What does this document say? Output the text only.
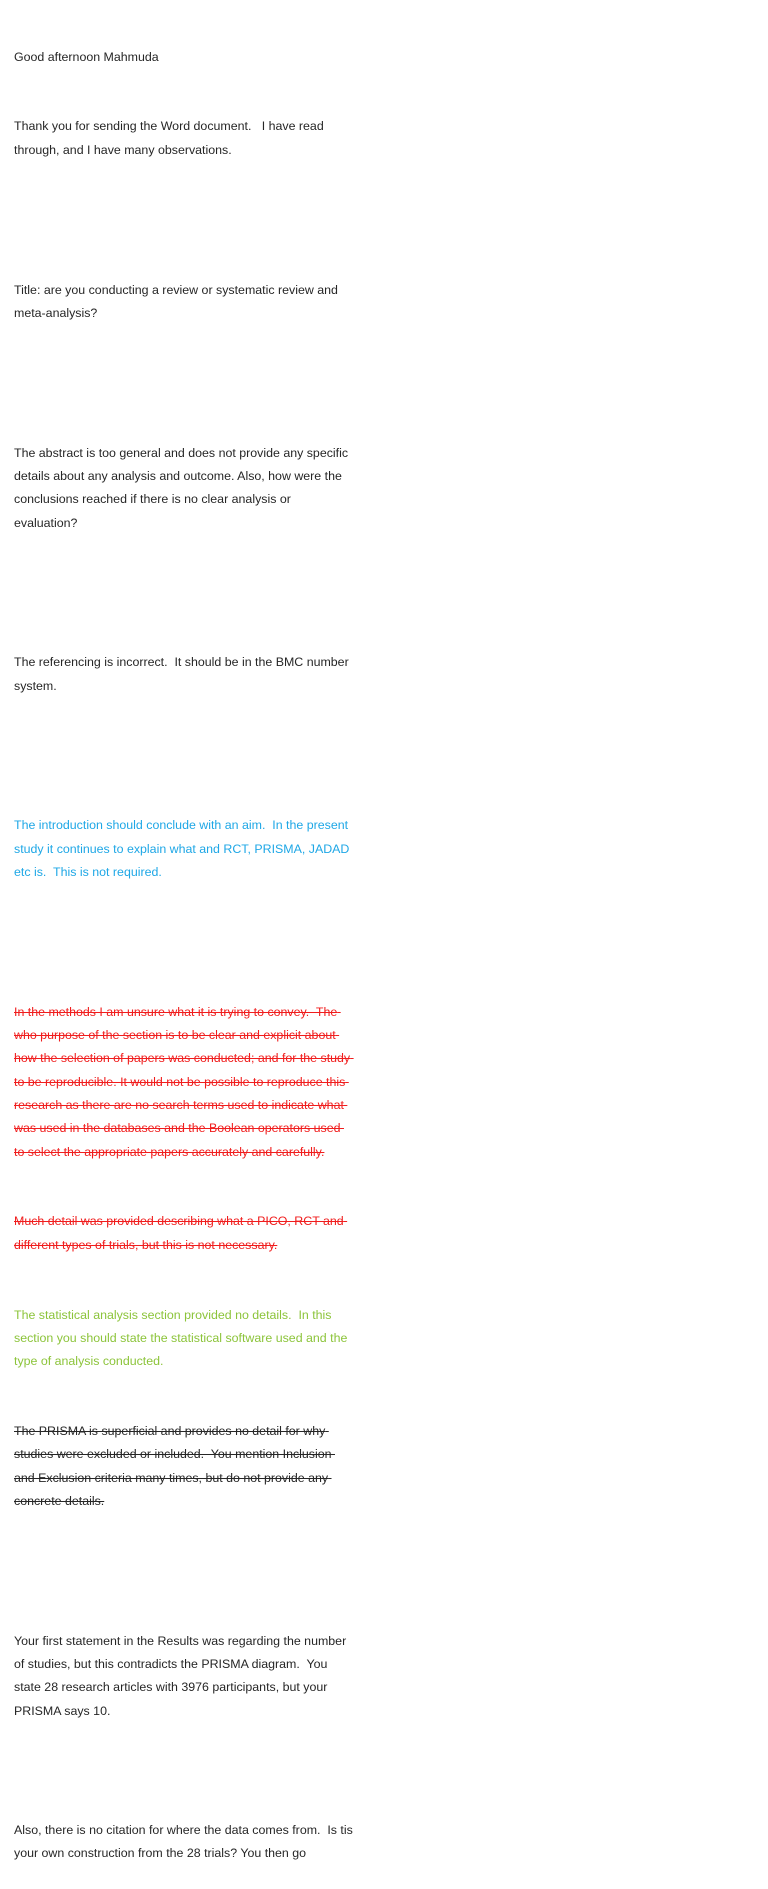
Good afternoon Mahmuda

Thank you for sending the Word document.   I have read through, and I have many observations.

Title: are you conducting a review or systematic review and meta-analysis?

The abstract is too general and does not provide any specific details about any analysis and outcome. Also, how were the conclusions reached if there is no clear analysis or evaluation?

The referencing is incorrect.  It should be in the BMC number system.

The introduction should conclude with an aim.  In the present study it continues to explain what and RCT, PRISMA, JADAD etc is.  This is not required.

In the methods I am unsure what it is trying to convey.  The who purpose of the section is to be clear and explicit about how the selection of papers was conducted; and for the study to be reproducible. It would not be possible to reproduce this research as there are no search terms used to indicate what was used in the databases and the Boolean operators used to select the appropriate papers accurately and carefully.

Much detail was provided describing what a PICO, RCT and different types of trials, but this is not necessary.

The statistical analysis section provided no details.  In this section you should state the statistical software used and the type of analysis conducted.

The PRISMA is superficial and provides no detail for why studies were excluded or included.  You mention Inclusion and Exclusion criteria many times, but do not provide any concrete details.

Your first statement in the Results was regarding the number of studies, but this contradicts the PRISMA diagram.  You state 28 research articles with 3976 participants, but your PRISMA says 10.

Also, there is no citation for where the data comes from.  Is tis your own construction from the 28 trials? You then go
